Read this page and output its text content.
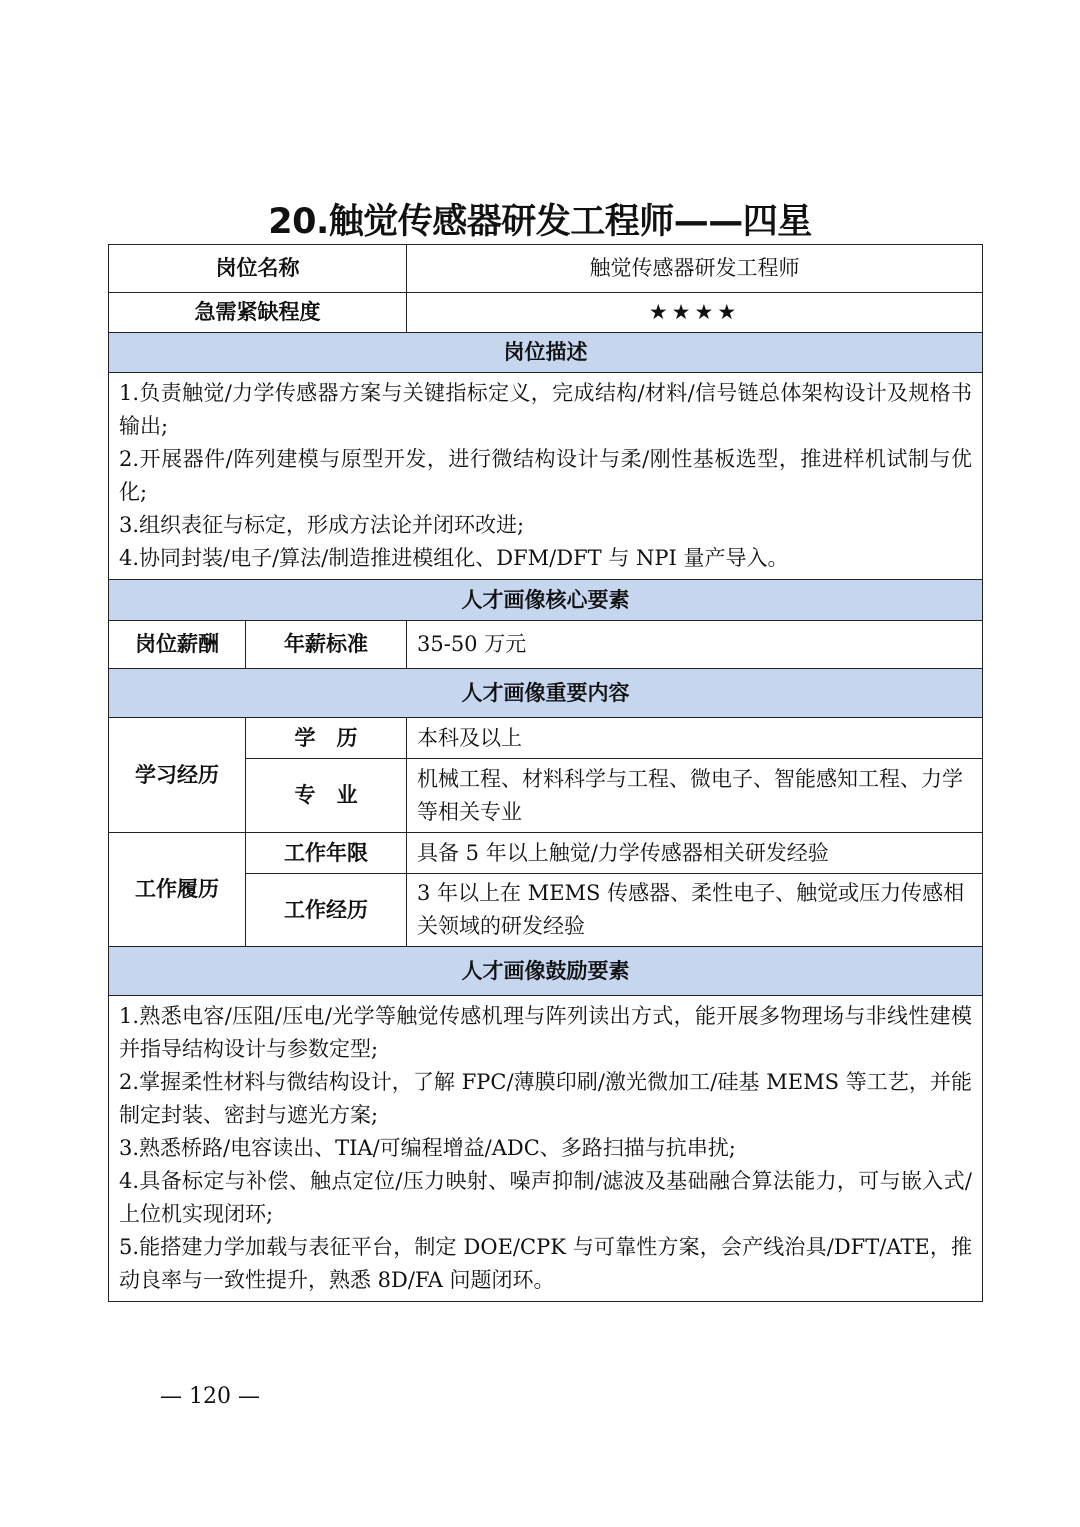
20.触觉传感器研发工程师——四星
岗位名称		触觉传感器研发工程师
急需紧缺程度		★★★★
岗位描述		

1.负责触觉/力学传感器方案与关键指标定义，完成结构/材料/信号链总体架构设计及规格书输出;
2.开展器件/阵列建模与原型开发，进行微结构设计与柔/刚性基板选型，推进样机试制与优化;
3.组织表征与标定，形成方法论并闭环改进;
4.协同封装/电子/算法/制造推进模组化、DFM/DFT 与 NPI 量产导入。		

人才画像核心要素		
岗位薪酬	年薪标准	35-50 万元
人才画像重要内容		
学习经历	学　历	本科及以上
	专　业	机械工程、材料科学与工程、微电子、智能感知工程、力学等相关专业
工作履历	工作年限	具备 5 年以上触觉/力学传感器相关研发经验
	工作经历	3 年以上在 MEMS 传感器、柔性电子、触觉或压力传感相关领域的研发经验
人才画像鼓励要素		

1.熟悉电容/压阻/压电/光学等触觉传感机理与阵列读出方式，能开展多物理场与非线性建模并指导结构设计与参数定型;
2.掌握柔性材料与微结构设计，了解 FPC/薄膜印刷/激光微加工/硅基 MEMS 等工艺，并能制定封装、密封与遮光方案;
3.熟悉桥路/电容读出、TIA/可编程增益/ADC、多路扫描与抗串扰;
4.具备标定与补偿、触点定位/压力映射、噪声抑制/滤波及基础融合算法能力，可与嵌入式/上位机实现闭环;
5.能搭建力学加载与表征平台，制定 DOE/CPK 与可靠性方案，会产线治具/DFT/ATE，推动良率与一致性提升，熟悉 8D/FA 问题闭环。		
— 120 —
